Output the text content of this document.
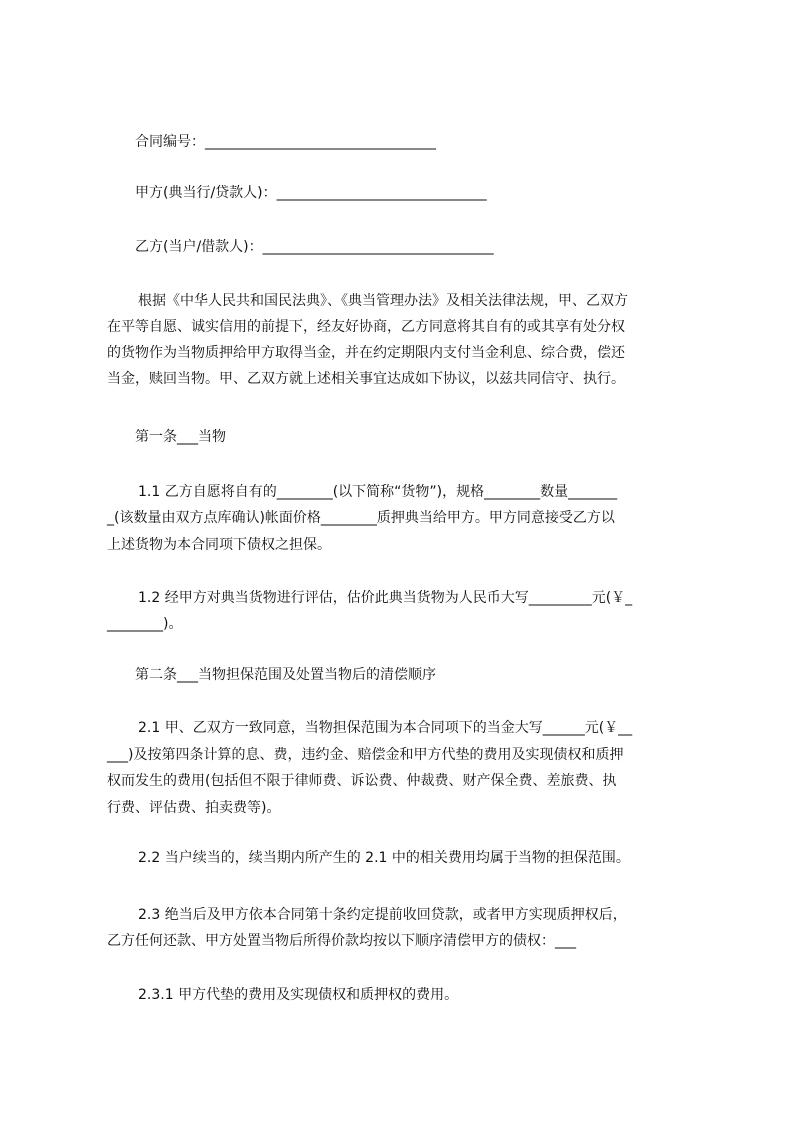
合同编号：_________________________________
甲方(典当行/贷款人)：______________________________
乙方(当户/借款人)：_________________________________
根据《中华人民共和国民法典》、《典当管理办法》及相关法律法规，甲、乙双方
在平等自愿、诚实信用的前提下，经友好协商，乙方同意将其自有的或其享有处分权
的货物作为当物质押给甲方取得当金，并在约定期限内支付当金利息、综合费，偿还
当金，赎回当物。甲、乙双方就上述相关事宜达成如下协议，以兹共同信守、执行。
第一条___当物
1.1 乙方自愿将自有的________(以下简称“货物”)，规格________数量_______
_(该数量由双方点库确认)帐面价格________质押典当给甲方。甲方同意接受乙方以
上述货物为本合同项下债权之担保。
1.2 经甲方对典当货物进行评估，估价此典当货物为人民币大写_________元(￥_
________)。
第二条___当物担保范围及处置当物后的清偿顺序
2.1 甲、乙双方一致同意，当物担保范围为本合同项下的当金大写______元(￥__
___)及按第四条计算的息、费，违约金、赔偿金和甲方代垫的费用及实现债权和质押
权而发生的费用(包括但不限于律师费、诉讼费、仲裁费、财产保全费、差旅费、执
行费、评估费、拍卖费等)。
2.2 当户续当的，续当期内所产生的 2.1 中的相关费用均属于当物的担保范围。
2.3 绝当后及甲方依本合同第十条约定提前收回贷款，或者甲方实现质押权后，
乙方任何还款、甲方处置当物后所得价款均按以下顺序清偿甲方的债权：___
2.3.1 甲方代垫的费用及实现债权和质押权的费用。
